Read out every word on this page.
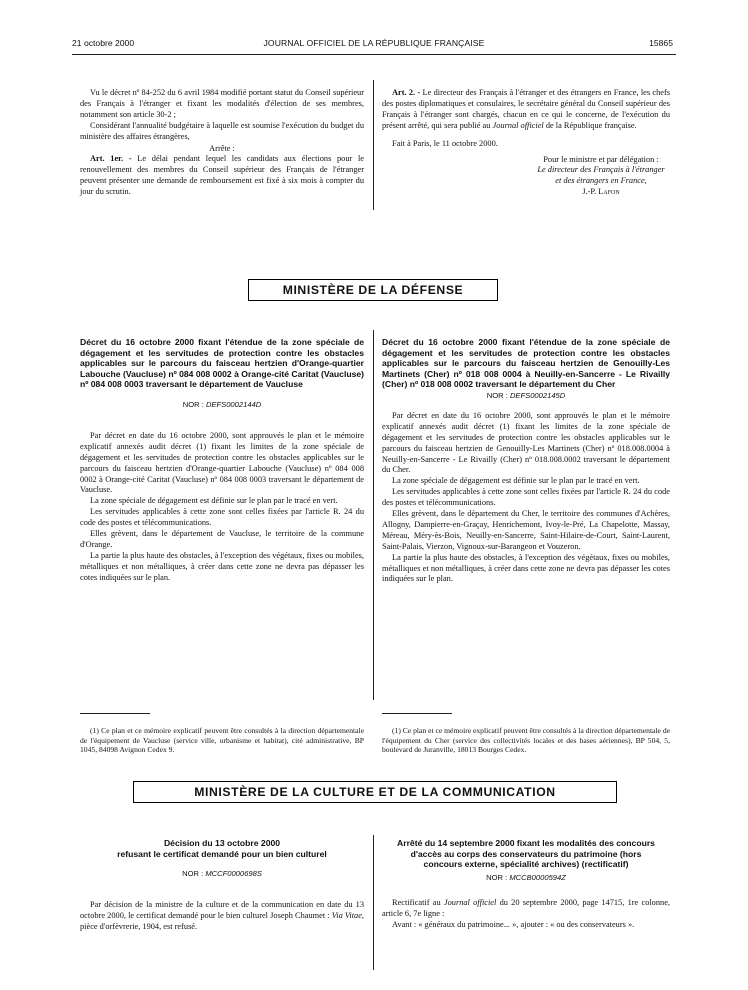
21 octobre 2000	JOURNAL OFFICIEL DE LA RÉPUBLIQUE FRANÇAISE	15865

Vu le décret nº 84-252 du 6 avril 1984 modifié portant statut du Conseil supérieur des Français à l'étranger et fixant les modalités d'élection de ses membres, notamment son article 30-2 ;

Considérant l'annualité budgétaire à laquelle est soumise l'exécution du budget du ministère des affaires étrangères,

Arrête :

Art. 1er. - Le délai pendant lequel les candidats aux élections pour le renouvellement des membres du Conseil supérieur des Français de l'étranger peuvent présenter une demande de remboursement est fixé à six mois à compter du jour du scrutin.

Art. 2. - Le directeur des Français à l'étranger et des étrangers en France, les chefs des postes diplomatiques et consulaires, le secrétaire général du Conseil supérieur des Français à l'étranger sont chargés, chacun en ce qui le concerne, de l'exécution du présent arrêté, qui sera publié au Journal officiel de la République française.

Fait à Paris, le 11 octobre 2000.

Pour le ministre et par délégation :

Le directeur des Français à l'étranger

et des étrangers en France,

J.-P. Lafon

MINISTÈRE DE LA DÉFENSE

Décret du 16 octobre 2000 fixant l'étendue de la zone spéciale de dégagement et les servitudes de protection contre les obstacles applicables sur le parcours du faisceau hertzien d'Orange-quartier Labouche (Vaucluse) nº 084 008 0002 à Orange-cité Caritat (Vaucluse) nº 084 008 0003 traversant le département de Vaucluse

NOR : DEFS0002144D

Par décret en date du 16 octobre 2000, sont approuvés le plan et le mémoire explicatif annexés audit décret (1) fixant les limites de la zone spéciale de dégagement et les servitudes de protection contre les obstacles applicables sur le parcours du faisceau hertzien d'Orange-quartier Labouche (Vaucluse) nº 084 008 0002 à Orange-cité Caritat (Vaucluse) nº 084 008 0003 traversant le département de Vaucluse.

La zone spéciale de dégagement est définie sur le plan par le tracé en vert.

Les servitudes applicables à cette zone sont celles fixées par l'article R. 24 du code des postes et télécommunications.

Elles grèvent, dans le département de Vaucluse, le territoire de la commune d'Orange.

La partie la plus haute des obstacles, à l'exception des végétaux, fixes ou mobiles, métalliques et non métalliques, à créer dans cette zone ne devra pas dépasser les cotes indiquées sur le plan.

(1) Ce plan et ce mémoire explicatif peuvent être consultés à la direction départementale de l'équipement de Vaucluse (service ville, urbanisme et habitat), cité administrative, BP 1045, 84098 Avignon Cedex 9.

Décret du 16 octobre 2000 fixant l'étendue de la zone spéciale de dégagement et les servitudes de protection contre les obstacles applicables sur le parcours du faisceau hertzien de Genouilly-Les Martinets (Cher) nº 018 008 0004 à Neuilly-en-Sancerre - Le Rivailly (Cher) nº 018 008 0002 traversant le département du Cher

NOR : DEFS0002145D

Par décret en date du 16 octobre 2000, sont approuvés le plan et le mémoire explicatif annexés audit décret (1) fixant les limites de la zone spéciale de dégagement et les servitudes de protection contre les obstacles applicables sur le parcours du faisceau hertzien de Genouilly-Les Martinets (Cher) nº 018.008.0004 à Neuilly-en-Sancerre - Le Rivailly (Cher) nº 018.008.0002 traversant le département du Cher.

La zone spéciale de dégagement est définie sur le plan par le tracé en vert.

Les servitudes applicables à cette zone sont celles fixées par l'article R. 24 du code des postes et télécommunications.

Elles grèvent, dans le département du Cher, le territoire des communes d'Achères, Allogny, Dampierre-en-Graçay, Henrichemont, Ivoy-le-Pré, La Chapelotte, Massay, Méreau, Méry-ès-Bois, Neuilly-en-Sancerre, Saint-Hilaire-de-Court, Saint-Laurent, Saint-Palais, Vierzon, Vignoux-sur-Barangeon et Vouzeron.

La partie la plus haute des obstacles, à l'exception des végétaux, fixes ou mobiles, métalliques et non métalliques, à créer dans cette zone ne devra pas dépasser les cotes indiquées sur le plan.

(1) Ce plan et ce mémoire explicatif peuvent être consultés à la direction départementale de l'équipement du Cher (service des collectivités locales et des bases aériennes), BP 504, 5, boulevard de Juranville, 18013 Bourges Cedex.

MINISTÈRE DE LA CULTURE ET DE LA COMMUNICATION

Décision du 13 octobre 2000

refusant le certificat demandé pour un bien culturel

NOR : MCCF0000698S

Par décision de la ministre de la culture et de la communication en date du 13 octobre 2000, le certificat demandé pour le bien culturel Joseph Chaumet : Via Vitae, pièce d'orfèvrerie, 1904, est refusé.

Arrêté du 14 septembre 2000 fixant les modalités des concours d'accès au corps des conservateurs du patrimoine (hors concours externe, spécialité archives) (rectificatif)

NOR : MCCB0000594Z

Rectificatif au Journal officiel du 20 septembre 2000, page 14715, 1re colonne, article 6, 7e ligne :

Avant : « généraux du patrimoine... », ajouter : « ou des conservateurs ».
